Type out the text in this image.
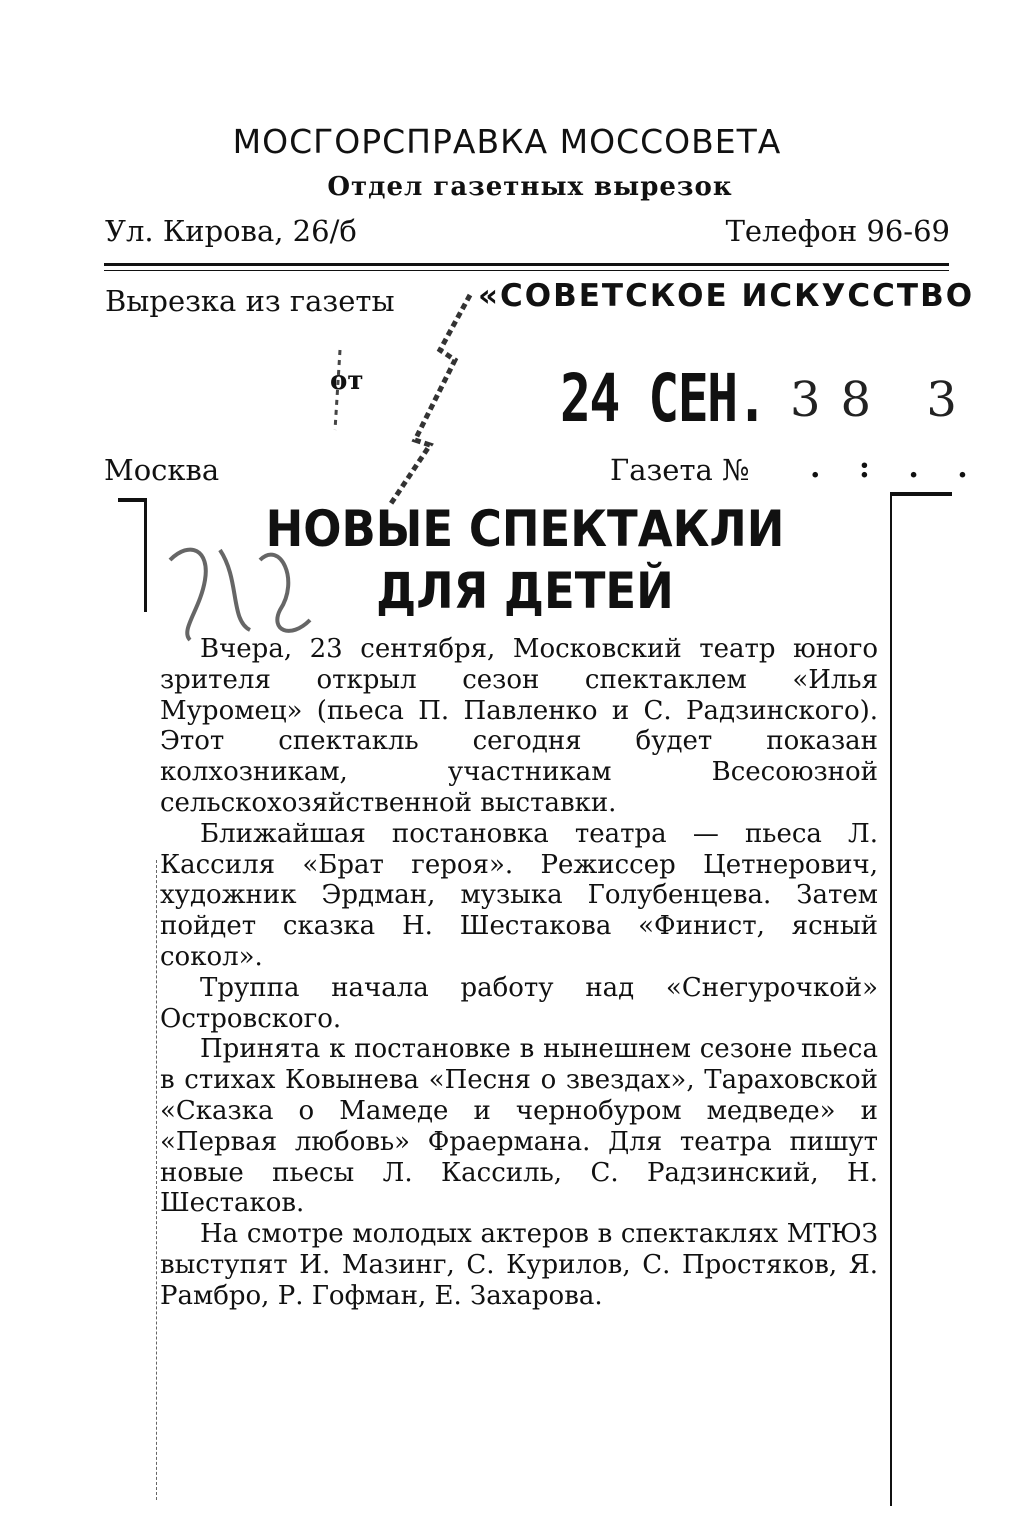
МОСГОРСПРАВКА МОССОВЕТА
Отдел газетных вырезок
Ул. Кирова, 26/б	Телефон 96-69
Вырезка из газеты	«СОВЕТСКОЕ ИСКУССТВО
от	24 СЕН. 38 3
Москва	Газета № . : . .
НОВЫЕ СПЕКТАКЛИ
ДЛЯ ДЕТЕЙ

Вчера, 23 сентября, Московский театр юного зрителя открыл сезон спектаклем «Илья Муромец» (пьеса П. Павленко и С. Радзинского). Этот спектакль сегодня будет показан колхозникам, участникам Всесоюзной сельскохозяйственной выставки.

Ближайшая постановка театра — пьеса Л. Кассиля «Брат героя». Режиссер Цетнерович, художник Эрдман, музыка Голубенцева. Затем пойдет сказка Н. Шестакова «Финист, ясный сокол».

Труппа начала работу над «Снегурочкой» Островского.

Принята к постановке в нынешнем сезоне пьеса в стихах Ковынева «Песня о звездах», Тараховской «Сказка о Мамеде и чернобуром медведе» и «Первая любовь» Фраермана. Для театра пишут новые пьесы Л. Кассиль, С. Радзинский, Н. Шестаков.

На смотре молодых актеров в спектаклях МТЮЗ выступят И. Мазинг, С. Курилов, С. Простяков, Я. Рамбро, Р. Гофман, Е. Захарова.
